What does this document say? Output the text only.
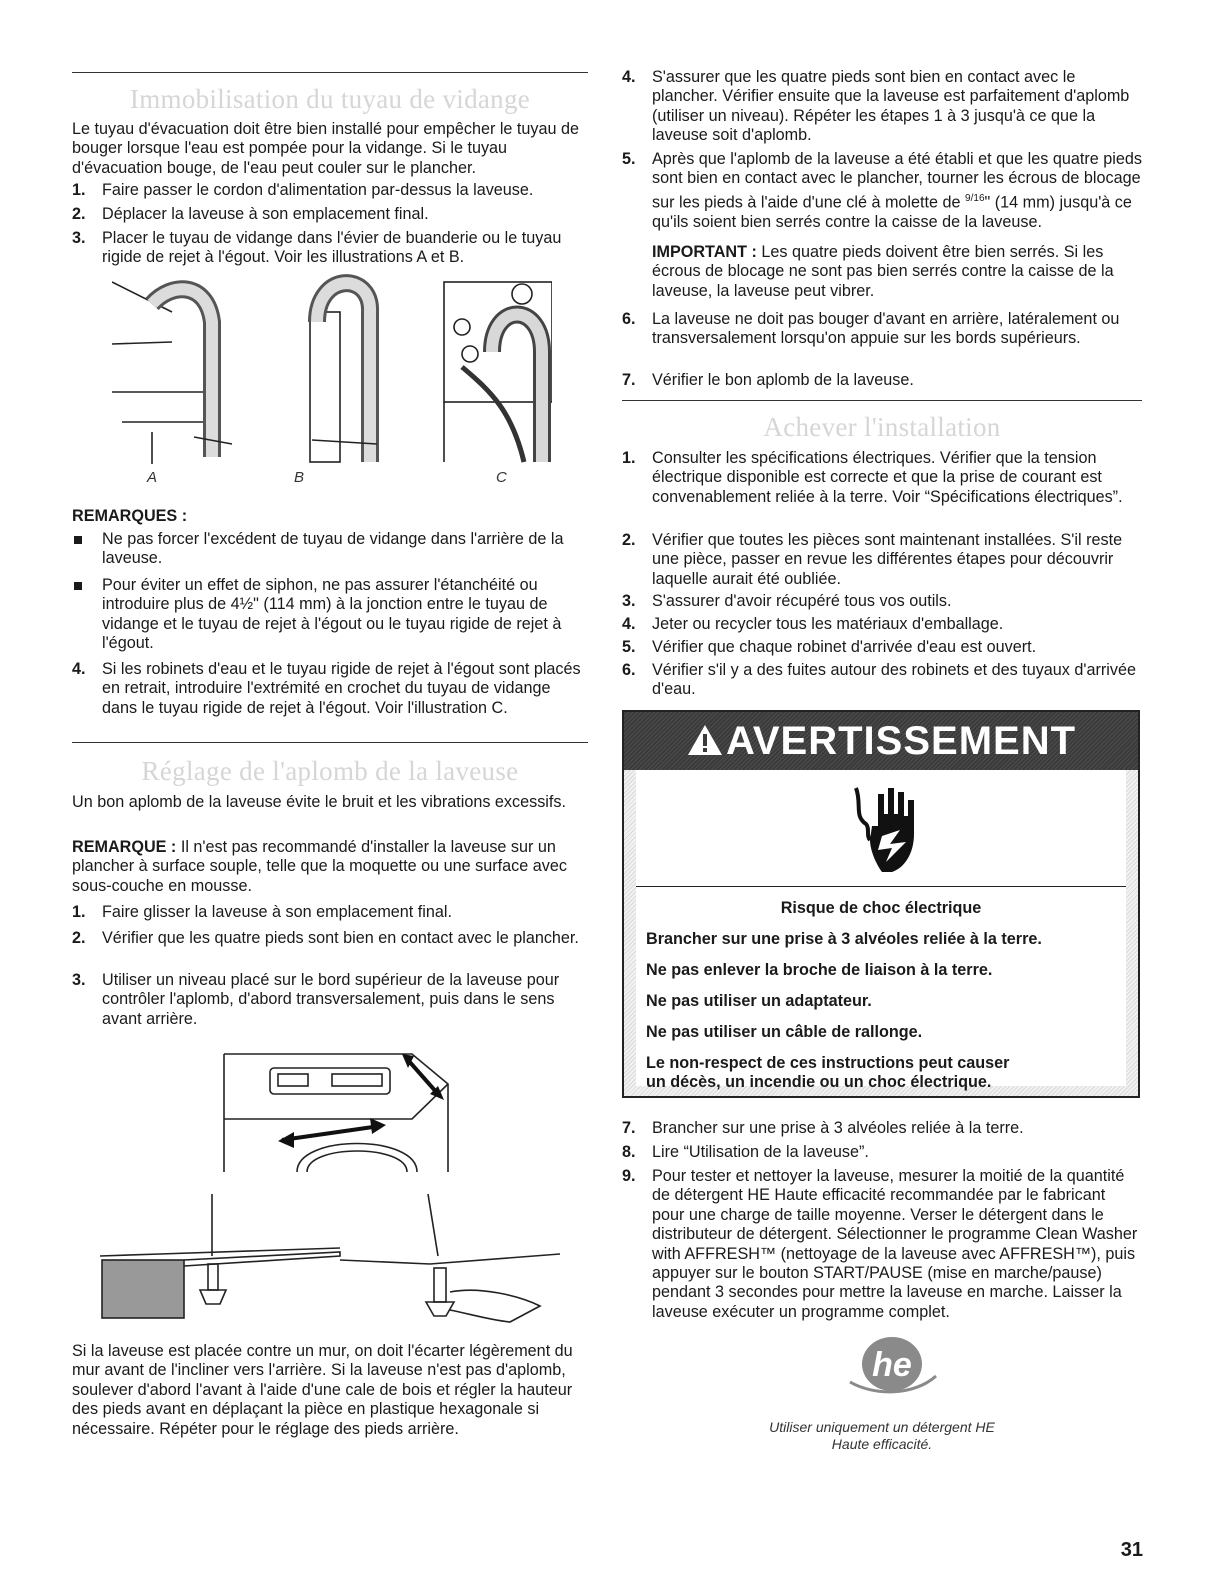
Immobilisation du tuyau de vidange

Le tuyau d'évacuation doit être bien installé pour empêcher le tuyau de bouger lorsque l'eau est pompée pour la vidange. Si le tuyau d'évacuation bouge, de l'eau peut couler sur le plancher.

1. Faire passer le cordon d'alimentation par-dessus la laveuse.
2. Déplacer la laveuse à son emplacement final.
3. Placer le tuyau de vidange dans l'évier de buanderie ou le tuyau rigide de rejet à l'égout. Voir les illustrations A et B.
A	B	C
REMARQUES :
Ne pas forcer l'excédent de tuyau de vidange dans l'arrière de la laveuse.
Pour éviter un effet de siphon, ne pas assurer l'étanchéité ou introduire plus de 4½" (114 mm) à la jonction entre le tuyau de vidange et le tuyau de rejet à l'égout ou le tuyau rigide de rejet à l'égout.
4. Si les robinets d'eau et le tuyau rigide de rejet à l'égout sont placés en retrait, introduire l'extrémité en crochet du tuyau de vidange dans le tuyau rigide de rejet à l'égout. Voir l'illustration C.
Réglage de l'aplomb de la laveuse

Un bon aplomb de la laveuse évite le bruit et les vibrations excessifs.

REMARQUE : Il n'est pas recommandé d'installer la laveuse sur un plancher à surface souple, telle que la moquette ou une surface avec sous-couche en mousse.

1. Faire glisser la laveuse à son emplacement final.
2. Vérifier que les quatre pieds sont bien en contact avec le plancher.
3. Utiliser un niveau placé sur le bord supérieur de la laveuse pour contrôler l'aplomb, d'abord transversalement, puis dans le sens avant arrière.

Si la laveuse est placée contre un mur, on doit l'écarter légèrement du mur avant de l'incliner vers l'arrière. Si la laveuse n'est pas d'aplomb, soulever d'abord l'avant à l'aide d'une cale de bois et régler la hauteur des pieds avant en déplaçant la pièce en plastique hexagonale si nécessaire. Répéter pour le réglage des pieds arrière.

4. S'assurer que les quatre pieds sont bien en contact avec le plancher. Vérifier ensuite que la laveuse est parfaitement d'aplomb (utiliser un niveau). Répéter les étapes 1 à 3 jusqu'à ce que la laveuse soit d'aplomb.
5. Après que l'aplomb de la laveuse a été établi et que les quatre pieds sont bien en contact avec le plancher, tourner les écrous de blocage sur les pieds à l'aide d'une clé à molette de $^{9/16}$" (14 mm) jusqu'à ce qu'ils soient bien serrés contre la caisse de la laveuse.

IMPORTANT : Les quatre pieds doivent être bien serrés. Si les écrous de blocage ne sont pas bien serrés contre la caisse de la laveuse, la laveuse peut vibrer.

6. La laveuse ne doit pas bouger d'avant en arrière, latéralement ou transversalement lorsqu'on appuie sur les bords supérieurs.
7. Vérifier le bon aplomb de la laveuse.
Achever l'installation
1. Consulter les spécifications électriques. Vérifier que la tension électrique disponible est correcte et que la prise de courant est convenablement reliée à la terre. Voir “Spécifications électriques”.
2. Vérifier que toutes les pièces sont maintenant installées. S'il reste une pièce, passer en revue les différentes étapes pour découvrir laquelle aurait été oubliée.
3. S'assurer d'avoir récupéré tous vos outils.
4. Jeter ou recycler tous les matériaux d'emballage.
5. Vérifier que chaque robinet d'arrivée d'eau est ouvert.
6. Vérifier s'il y a des fuites autour des robinets et des tuyaux d'arrivée d'eau.
7. Brancher sur une prise à 3 alvéoles reliée à la terre.
8. Lire “Utilisation de la laveuse”.
9. Pour tester et nettoyer la laveuse, mesurer la moitié de la quantité de détergent HE Haute efficacité recommandée par le fabricant pour une charge de taille moyenne. Verser le détergent dans le distributeur de détergent. Sélectionner le programme Clean Washer with AFFRESH™ (nettoyage de la laveuse avec AFFRESH™), puis appuyer sur le bouton START/PAUSE (mise en marche/pause) pendant 3 secondes pour mettre la laveuse en marche. Laisser la laveuse exécuter un programme complet.
he
Utiliser uniquement un détergent HE
Haute efficacité.
AVERTISSEMENT
Risque de choc électrique
Brancher sur une prise à 3 alvéoles reliée à la terre.
Ne pas enlever la broche de liaison à la terre.
Ne pas utiliser un adaptateur.
Ne pas utiliser un câble de rallonge.
Le non-respect de ces instructions peut causer
un décès, un incendie ou un choc électrique.
31
